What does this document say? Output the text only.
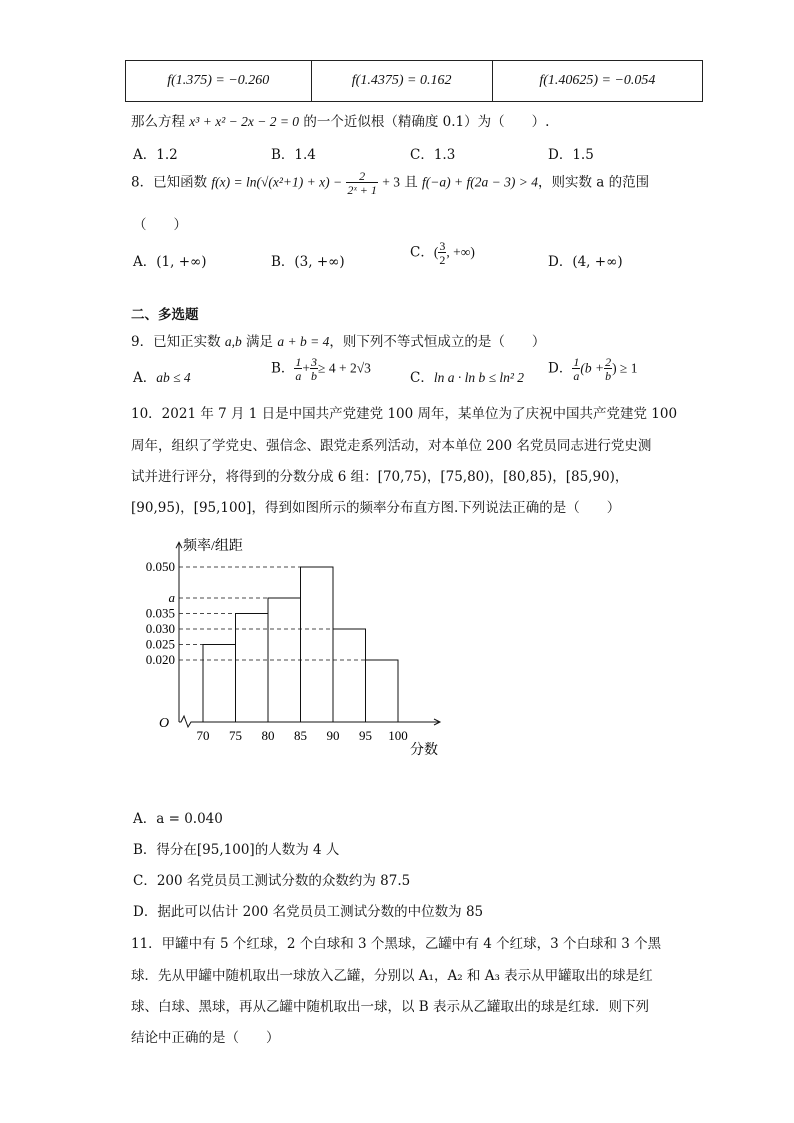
f(1.375) = −0.260	f(1.4375) = 0.162	f(1.40625) = −0.054
那么方程 x³ + x² − 2x − 2 = 0 的一个近似根（精确度 0.1）为（　　）.
A．1.2	B．1.4	C．1.3	D．1.5
8．已知函数 $f(x) = \ln(√(x^2+1) + x) - \frac{2}{\text{2ˣ + 1}} + 3$ 且 f(−a) + f(2a − 3) > 4，则实数 a 的范围
（　　）
A．(1, +∞)	B．(3, +∞)
C．( $\frac{3}{2}$ , +∞)
D．(4, +∞)
二、多选题
9．已知正实数 a,b 满足 a + b = 4，则下列不等式恒成立的是（　　）
A．ab ≤ 4
B． $\frac{1}{a} + \frac{3}{b} \ge 4 + 2√3$
C．ln a · ln b ≤ ln² 2
D． $\frac{1}{a} (b + \frac{2}{b}$ ) ≥ 1
10．2021 年 7 月 1 日是中国共产党建党 100 周年，某单位为了庆祝中国共产党建党 100
周年，组织了学党史、强信念、跟党走系列活动，对本单位 200 名党员同志进行党史测
试并进行评分，将得到的分数分成 6 组：[70,75)，[75,80)，[80,85)，[85,90)，
[90,95)，[95,100]，得到如图所示的频率分布直方图.下列说法正确的是（　　）
频率/组距
分数
O
0.020
0.025
0.030
0.035
a
0.050
70 75 80 85 90 95 100
A．a = 0.040
B．得分在[95,100]的人数为 4 人
C．200 名党员员工测试分数的众数约为 87.5
D．据此可以估计 200 名党员员工测试分数的中位数为 85
11．甲罐中有 5 个红球，2 个白球和 3 个黑球，乙罐中有 4 个红球，3 个白球和 3 个黑
球．先从甲罐中随机取出一球放入乙罐，分别以 A₁，A₂ 和 A₃ 表示从甲罐取出的球是红
球、白球、黑球，再从乙罐中随机取出一球，以 B 表示从乙罐取出的球是红球．则下列
结论中正确的是（　　）
